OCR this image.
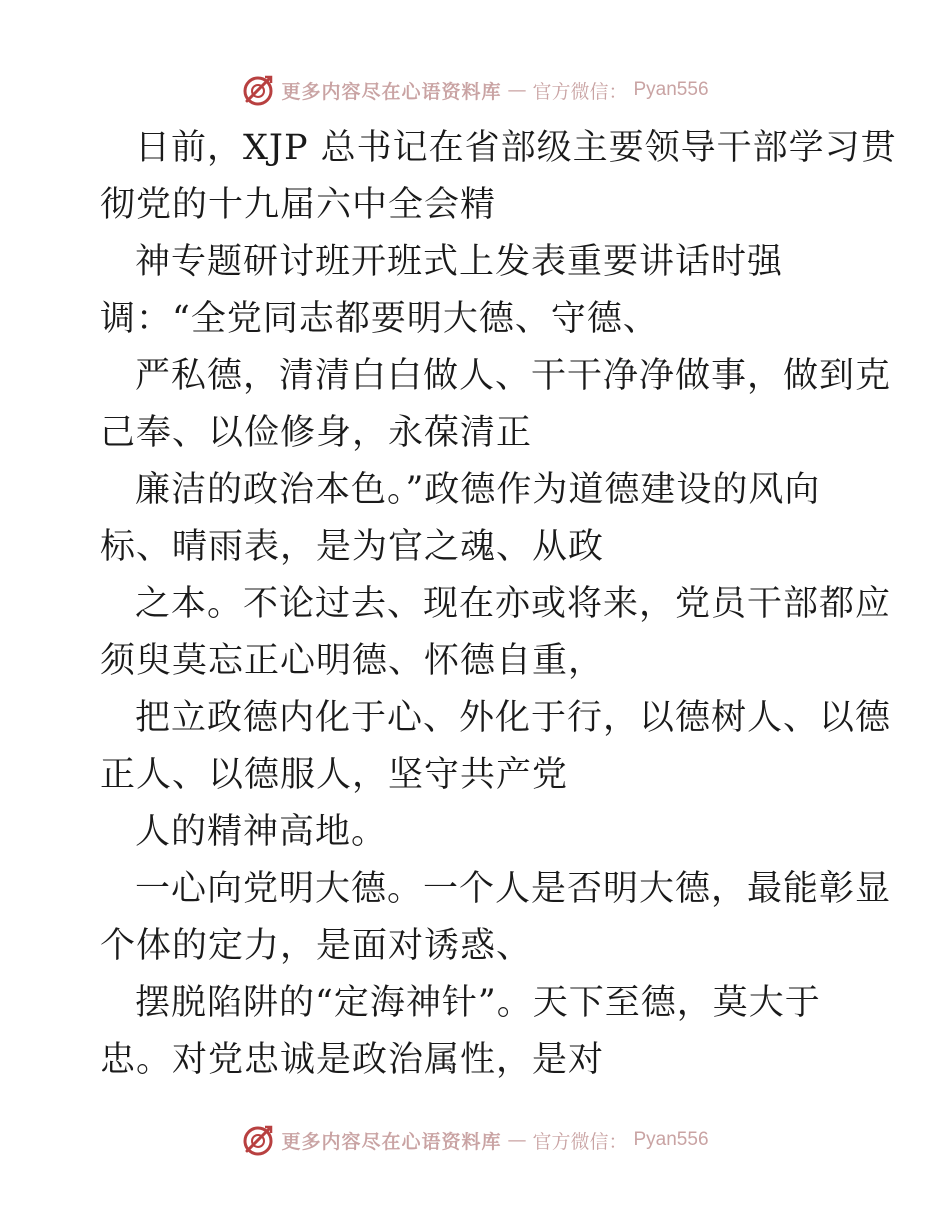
更多内容尽在心语资料库 — 官方微信： Pyan556
日前，XJP 总书记在省部级主要领导干部学习贯
彻党的十九届六中全会精
神专题研讨班开班式上发表重要讲话时强
调：“全党同志都要明大德、守德、
严私德，清清白白做人、干干净净做事，做到克
己奉、以俭修身，永葆清正
廉洁的政治本色。”政德作为道德建设的风向
标、晴雨表，是为官之魂、从政
之本。不论过去、现在亦或将来，党员干部都应
须臾莫忘正心明德、怀德自重，
把立政德内化于心、外化于行，以德树人、以德
正人、以德服人，坚守共产党
人的精神高地。
一心向党明大德。一个人是否明大德，最能彰显
个体的定力，是面对诱惑、
摆脱陷阱的“定海神针”。天下至德，莫大于
忠。对党忠诚是政治属性，是对
更多内容尽在心语资料库 — 官方微信： Pyan556
